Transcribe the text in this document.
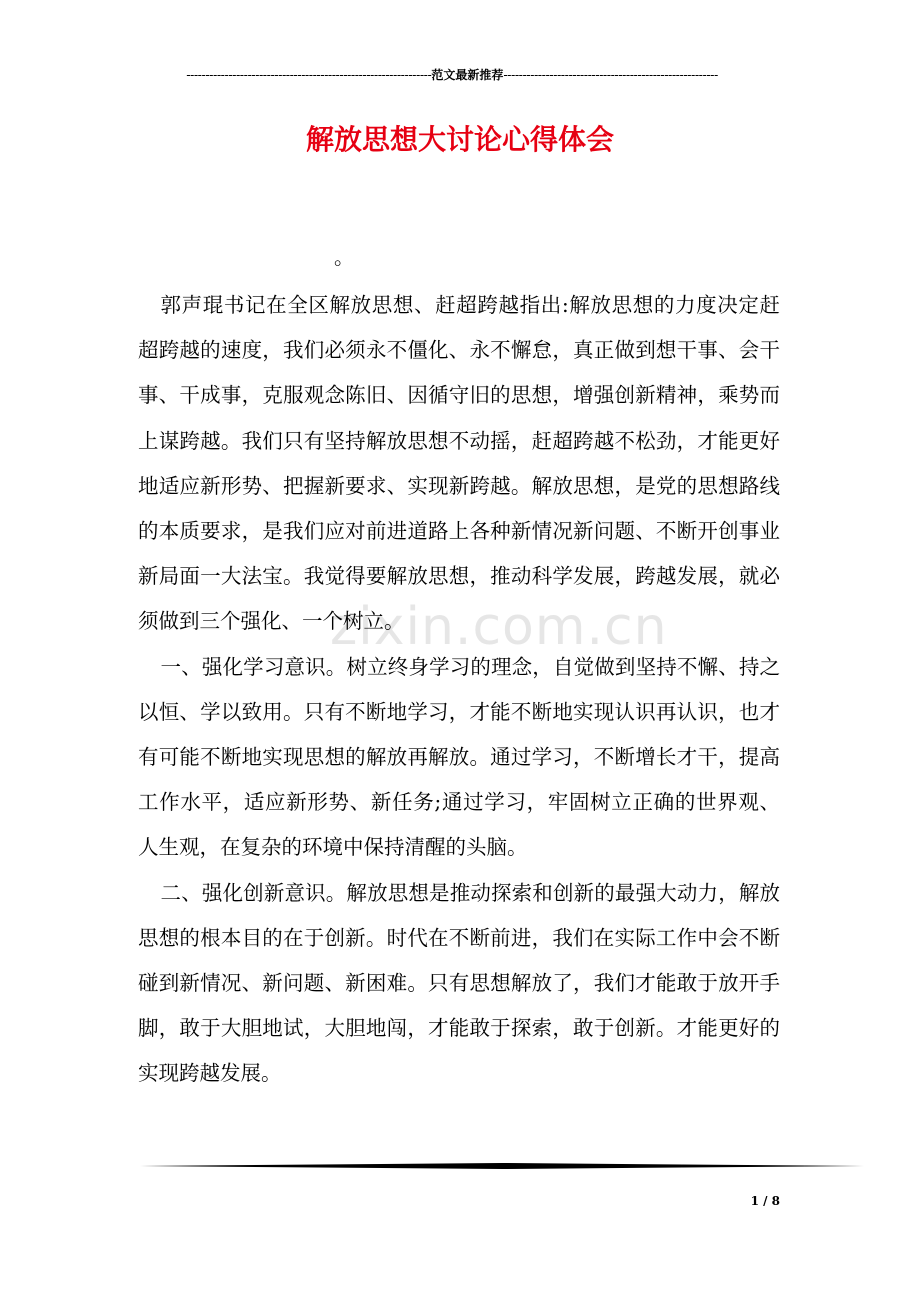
----------------------------------------------------------------范文最新推荐--------------------------------------------------------
解放思想大讨论心得体会
。
zixin.com.cn

郭声琨书记在全区解放思想、赶超跨越指出:解放思想的力度决定赶超跨越的速度，我们必须永不僵化、永不懈怠，真正做到想干事、会干事、干成事，克服观念陈旧、因循守旧的思想，增强创新精神，乘势而上谋跨越。我们只有坚持解放思想不动摇，赶超跨越不松劲，才能更好地适应新形势、把握新要求、实现新跨越。解放思想，是党的思想路线的本质要求，是我们应对前进道路上各种新情况新问题、不断开创事业新局面一大法宝。我觉得要解放思想，推动科学发展，跨越发展，就必须做到三个强化、一个树立。

一、强化学习意识。树立终身学习的理念，自觉做到坚持不懈、持之以恒、学以致用。只有不断地学习，才能不断地实现认识再认识，也才有可能不断地实现思想的解放再解放。通过学习，不断增长才干，提高工作水平，适应新形势、新任务;通过学习，牢固树立正确的世界观、人生观，在复杂的环境中保持清醒的头脑。

二、强化创新意识。解放思想是推动探索和创新的最强大动力，解放思想的根本目的在于创新。时代在不断前进，我们在实际工作中会不断碰到新情况、新问题、新困难。只有思想解放了，我们才能敢于放开手脚，敢于大胆地试，大胆地闯，才能敢于探索，敢于创新。才能更好的实现跨越发展。

1 / 8
